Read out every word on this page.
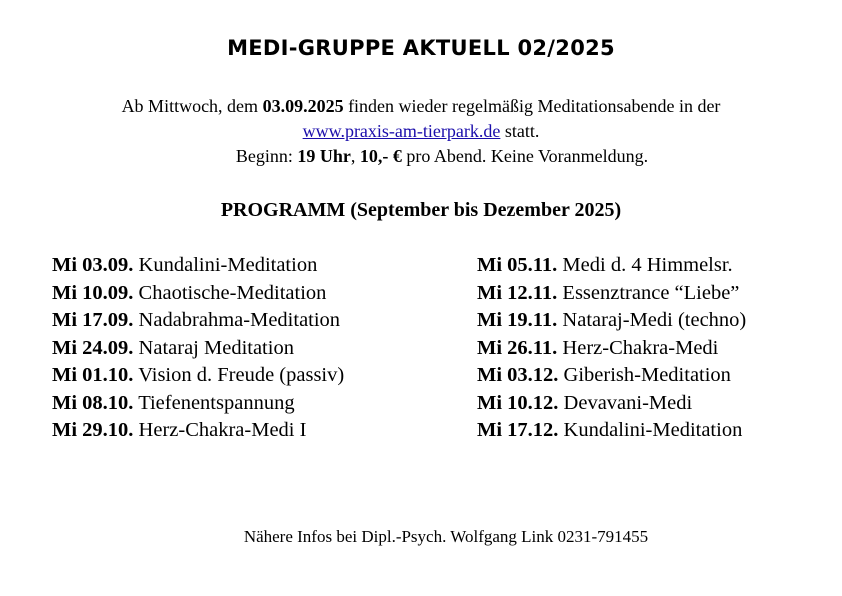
MEDI-GRUPPE AKTUELL 02/2025
Ab Mittwoch, dem 03.09.2025 finden wieder regelmäßig Meditationsabende in der
www.praxis-am-tierpark.de statt.
Beginn: 19 Uhr, 10,- € pro Abend. Keine Voranmeldung.
PROGRAMM (September bis Dezember 2025)
Mi 03.09. Kundalini-Meditation
Mi 10.09. Chaotische-Meditation
Mi 17.09. Nadabrahma-Meditation
Mi 24.09. Nataraj Meditation
Mi 01.10. Vision d. Freude (passiv)
Mi 08.10. Tiefenentspannung
Mi 29.10. Herz-Chakra-Medi I
Mi 05.11. Medi d. 4 Himmelsr.
Mi 12.11. Essenztrance “Liebe”
Mi 19.11. Nataraj-Medi (techno)
Mi 26.11. Herz-Chakra-Medi
Mi 03.12. Giberish-Meditation
Mi 10.12. Devavani-Medi
Mi 17.12. Kundalini-Meditation
Nähere Infos bei Dipl.-Psych. Wolfgang Link 0231-791455
